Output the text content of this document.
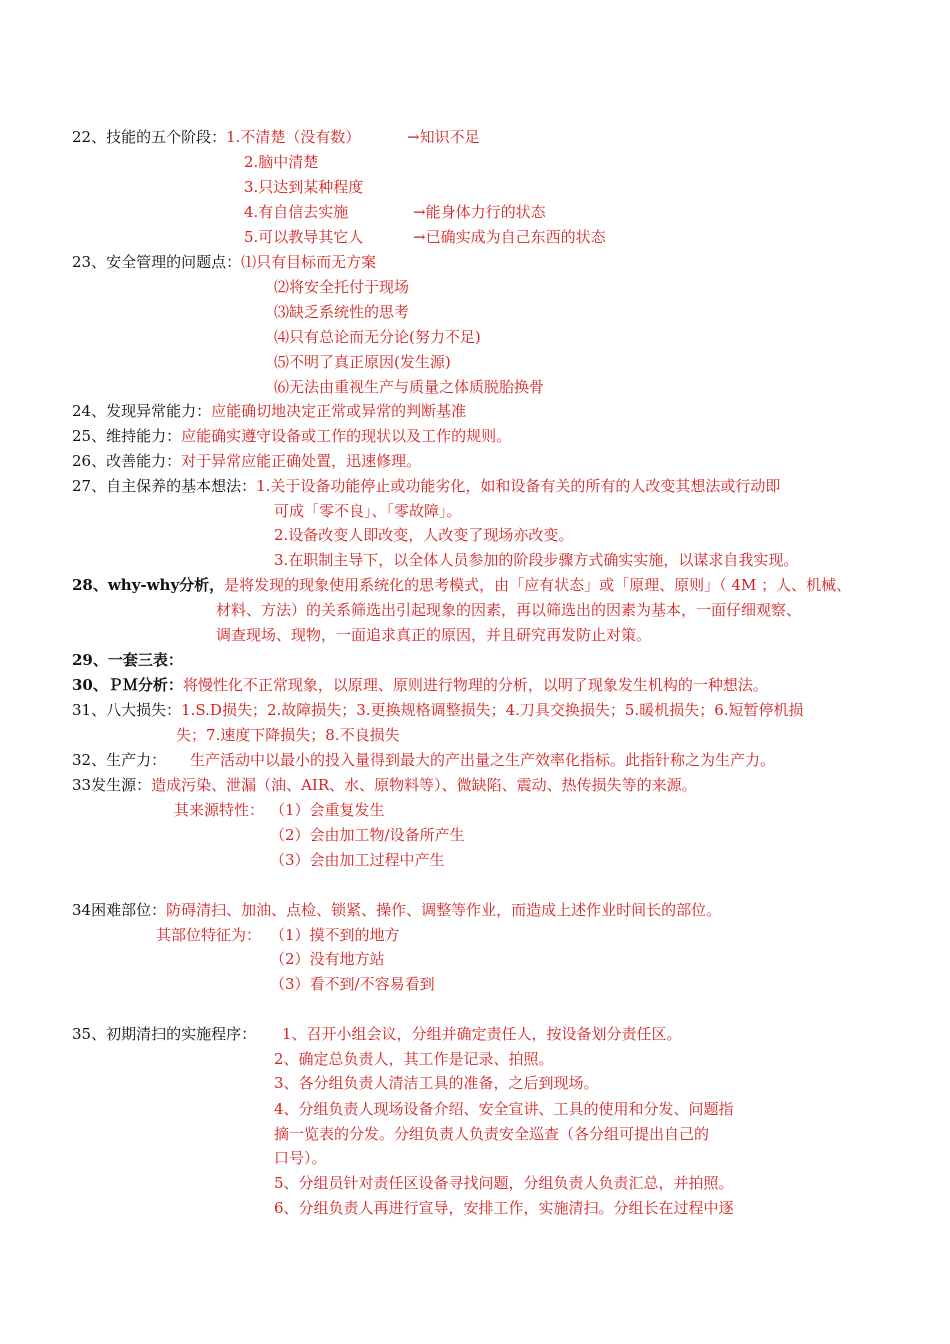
22、技能的五个阶段：1.不清楚（没有数）	→知识不足
2.脑中清楚
3.只达到某种程度
4.有自信去实施	→能身体力行的状态
5.可以教导其它人	→已确实成为自己东西的状态
23、安全管理的问题点：⑴只有目标而无方案
⑵将安全托付于现场
⑶缺乏系统性的思考
⑷只有总论而无分论(努力不足)
⑸不明了真正原因(发生源)
⑹无法由重视生产与质量之体质脱胎换骨
24、发现异常能力：应能确切地决定正常或异常的判断基准
25、维持能力：应能确实遵守设备或工作的现状以及工作的规则。
26、改善能力：对于异常应能正确处置，迅速修理。
27、自主保养的基本想法：1.关于设备功能停止或功能劣化，如和设备有关的所有的人改变其想法或行动即
可成「零不良」、「零故障」。
2.设备改变人即改变，人改变了现场亦改变。
3.在职制主导下，以全体人员参加的阶段步骤方式确实实施，以谋求自我实现。
28、why-why分析，是将发现的现象使用系统化的思考模式，由「应有状态」或「原理、原则」（ 4M ；人、机械、
材料、方法）的关系筛选出引起现象的因素，再以筛选出的因素为基本，一面仔细观察、
调查现场、现物，一面追求真正的原因，并且研究再发防止对策。
29、一套三表：
30、ＰＭ分析：将慢性化不正常现象，以原理、原则进行物理的分析，以明了现象发生机构的一种想法。
31、八大损失：1.S.D损失；2.故障损失；3.更换规格调整损失；4.刀具交换损失；5.暖机损失；6.短暂停机损
失；7.速度下降损失；8.不良损失
32、生产力： 生产活动中以最小的投入量得到最大的产出量之生产效率化指标。此指针称之为生产力。
33发生源：造成污染、泄漏（油、AIR、水、原物料等）、微缺陷、震动、热传损失等的来源。
其来源特性： （1）会重复发生
（2）会由加工物/设备所产生
（3）会由加工过程中产生
34困难部位：防碍清扫、加油、点检、锁紧、操作、调整等作业，而造成上述作业时间长的部位。
其部位特征为： （1）摸不到的地方
（2）没有地方站
（3）看不到/不容易看到
35、初期清扫的实施程序： 1、召开小组会议，分组并确定责任人，按设备划分责任区。
2、确定总负责人，其工作是记录、拍照。
3、各分组负责人清洁工具的准备，之后到现场。
4、分组负责人现场设备介绍、安全宣讲、工具的使用和分发、问题指
摘一览表的分发。分组负责人负责安全巡查（各分组可提出自己的
口号）。
5、分组员针对责任区设备寻找问题，分组负责人负责汇总，并拍照。
6、分组负责人再进行宣导，安排工作，实施清扫。分组长在过程中逐
